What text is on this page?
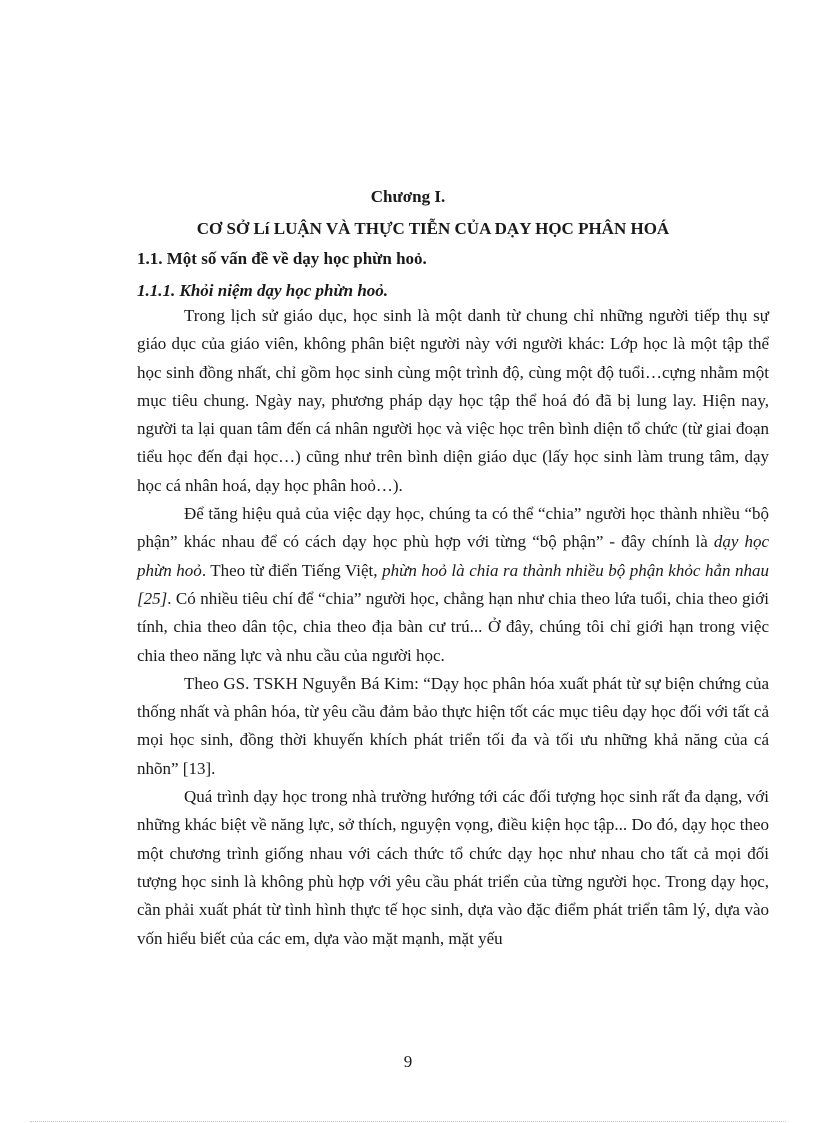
Chương I.
CƠ SỞ Lí LUẬN VÀ THỰC TIỄN CỦA DẠY HỌC PHÂN HOÁ
1.1. Một số vấn đề về dạy học phừn hoỏ.
1.1.1. Khỏi niệm dạy học phừn hoỏ.

Trong lịch sử giáo dục, học sinh là một danh từ chung chỉ những người tiếp thụ sự giáo dục của giáo viên, không phân biệt người này với người khác: Lớp học là một tập thể học sinh đồng nhất, chỉ gồm học sinh cùng một trình độ, cùng một độ tuổi…cựng nhằm một mục tiêu chung. Ngày nay, phương pháp dạy học tập thể hoá đó đã bị lung lay. Hiện nay, người ta lại quan tâm đến cá nhân người học và việc học trên bình diện tổ chức (từ giai đoạn tiểu học đến đại học…) cũng như trên bình diện giáo dục (lấy học sinh làm trung tâm, dạy học cá nhân hoá, dạy học phân hoỏ…).

Để tăng hiệu quả của việc dạy học, chúng ta có thể “chia” người học thành nhiều “bộ phận” khác nhau để có cách dạy học phù hợp với từng “bộ phận” - đây chính là dạy học phừn hoỏ. Theo từ điển Tiếng Việt, phừn hoỏ là chia ra thành nhiều bộ phận khỏc hẳn nhau [25]. Có nhiều tiêu chí để “chia” người học, chẳng hạn như chia theo lứa tuổi, chia theo giới tính, chia theo dân tộc, chia theo địa bàn cư trú... Ở đây, chúng tôi chỉ giới hạn trong việc chia theo năng lực và nhu cầu của người học.

Theo GS. TSKH Nguyễn Bá Kim: “Dạy học phân hóa xuất phát từ sự biện chứng của thống nhất và phân hóa, từ yêu cầu đảm bảo thực hiện tốt các mục tiêu dạy học đối với tất cả mọi học sinh, đồng thời khuyến khích phát triển tối đa và tối ưu những khả năng của cá nhõn” [13].

Quá trình dạy học trong nhà trường hướng tới các đối tượng học sinh rất đa dạng, với những khác biệt về năng lực, sở thích, nguyện vọng, điều kiện học tập... Do đó, dạy học theo một chương trình giống nhau với cách thức tổ chức dạy học như nhau cho tất cả mọi đối tượng học sinh là không phù hợp với yêu cầu phát triển của từng người học. Trong dạy học, cần phải xuất phát từ tình hình thực tế học sinh, dựa vào đặc điểm phát triển tâm lý, dựa vào vốn hiểu biết của các em, dựa vào mặt mạnh, mặt yếu

9
